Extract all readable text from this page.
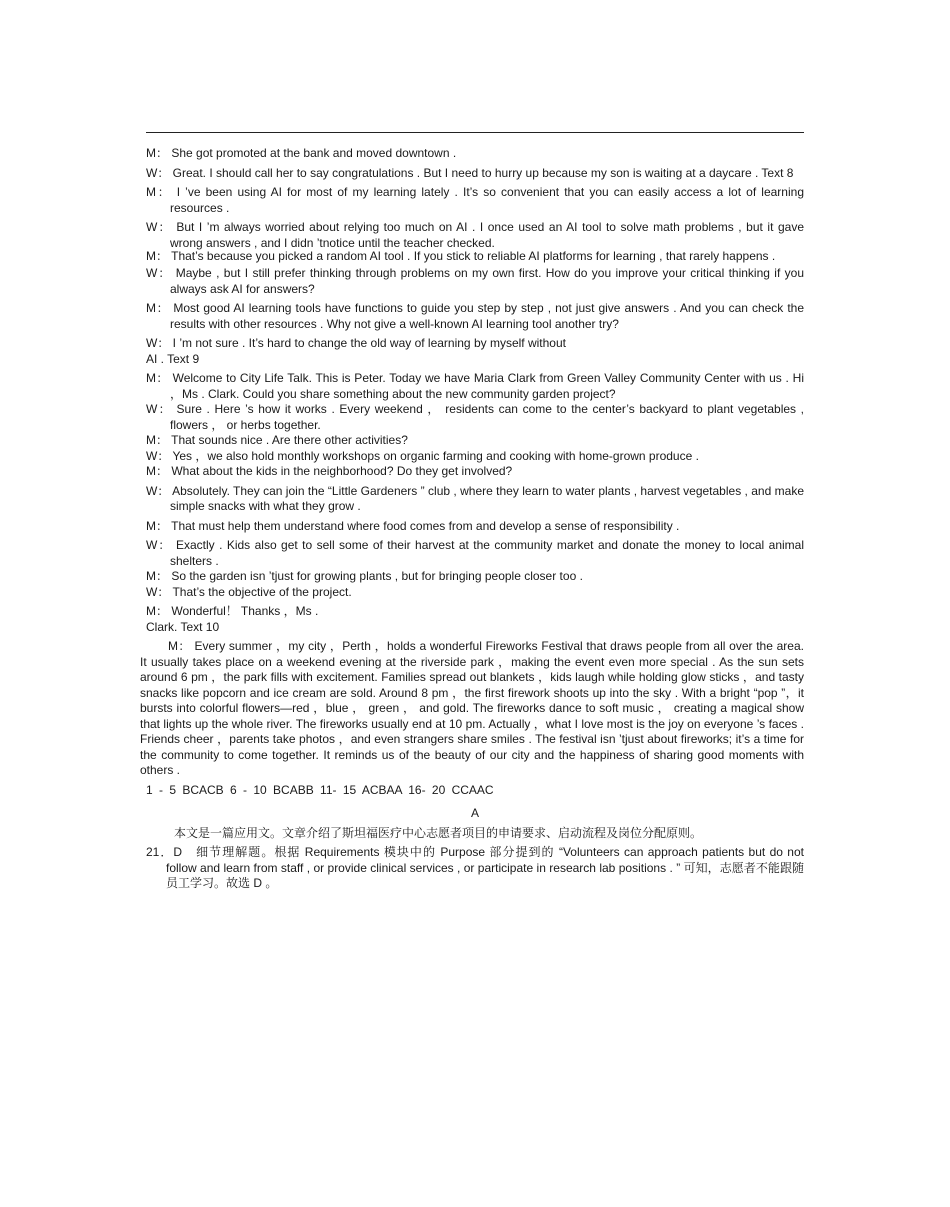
M： She got promoted at the bank and moved downtown .

W： Great. I should call her to say congratulations . But I need to hurry up because my son is waiting at a daycare . Text 8

M： I ’ve been using AI for most of my learning lately . It’s so convenient that you can easily access a lot of learning resources .

W： But I ’m always worried about relying too much on AI . I once used an AI tool to solve math problems , but it gave wrong answers , and I didn ’tnotice until the teacher checked.

M： That’s because you picked a random AI tool . If you stick to reliable AI platforms for learning , that rarely happens .

W： Maybe , but I still prefer thinking through problems on my own first. How do you improve your critical thinking if you always ask AI for answers?

M： Most good AI learning tools have functions to guide you step by step , not just give answers . And you can check the results with other resources . Why not give a well-known AI learning tool another try?

W： I ’m not sure . It’s hard to change the old way of learning by myself without

AI . Text 9

M： Welcome to City Life Talk. This is Peter. Today we have Maria Clark from Green Valley Community Center with us . Hi ，Ms . Clark. Could you share something about the new community garden project?

W： Sure . Here ’s how it works . Every weekend ， residents can come to the center’s backyard to plant vegetables , flowers ， or herbs together.

M： That sounds nice . Are there other activities?

W： Yes ，we also hold monthly workshops on organic farming and cooking with home-grown produce .

M： What about the kids in the neighborhood? Do they get involved?

W： Absolutely. They can join the “Little Gardeners ” club , where they learn to water plants , harvest vegetables , and make simple snacks with what they grow .

M： That must help them understand where food comes from and develop a sense of responsibility .

W： Exactly . Kids also get to sell some of their harvest at the community market and donate the money to local animal shelters .

M： So the garden isn ’tjust for growing plants , but for bringing people closer too .

W： That’s the objective of the project.

M： Wonderful！ Thanks ，Ms .

Clark. Text 10

M： Every summer ，my city ，Perth ，holds a wonderful Fireworks Festival that draws people from all over the area. It usually takes place on a weekend evening at the riverside park ，making the event even more special . As the sun sets around 6 pm ，the park fills with excitement. Families spread out blankets ，kids laugh while holding glow sticks ，and tasty snacks like popcorn and ice cream are sold. Around 8 pm ，the first firework shoots up into the sky . With a bright “pop ”，it bursts into colorful flowers—red ，blue ， green ， and gold. The fireworks dance to soft music ， creating a magical show that lights up the whole river. The fireworks usually end at 10 pm. Actually ，what I love most is the joy on everyone ’s faces . Friends cheer ，parents take photos ，and even strangers share smiles . The festival isn ’tjust about fireworks; it’s a time for the community to come together. It reminds us of the beauty of our city and the happiness of sharing good moments with others .

1 - 5 BCACB 6 - 10 BCABB 11- 15 ACBAA 16- 20 CCAAC

A

本文是一篇应用文。文章介绍了斯坦福医疗中心志愿者项目的申请要求、启动流程及岗位分配原则。

21．D　细节理解题。根据 Requirements 模块中的 Purpose 部分提到的 “Volunteers can approach patients but do not follow and learn from staff , or provide clinical services , or participate in research lab positions . ” 可知，志愿者不能跟随员工学习。故选 D 。
